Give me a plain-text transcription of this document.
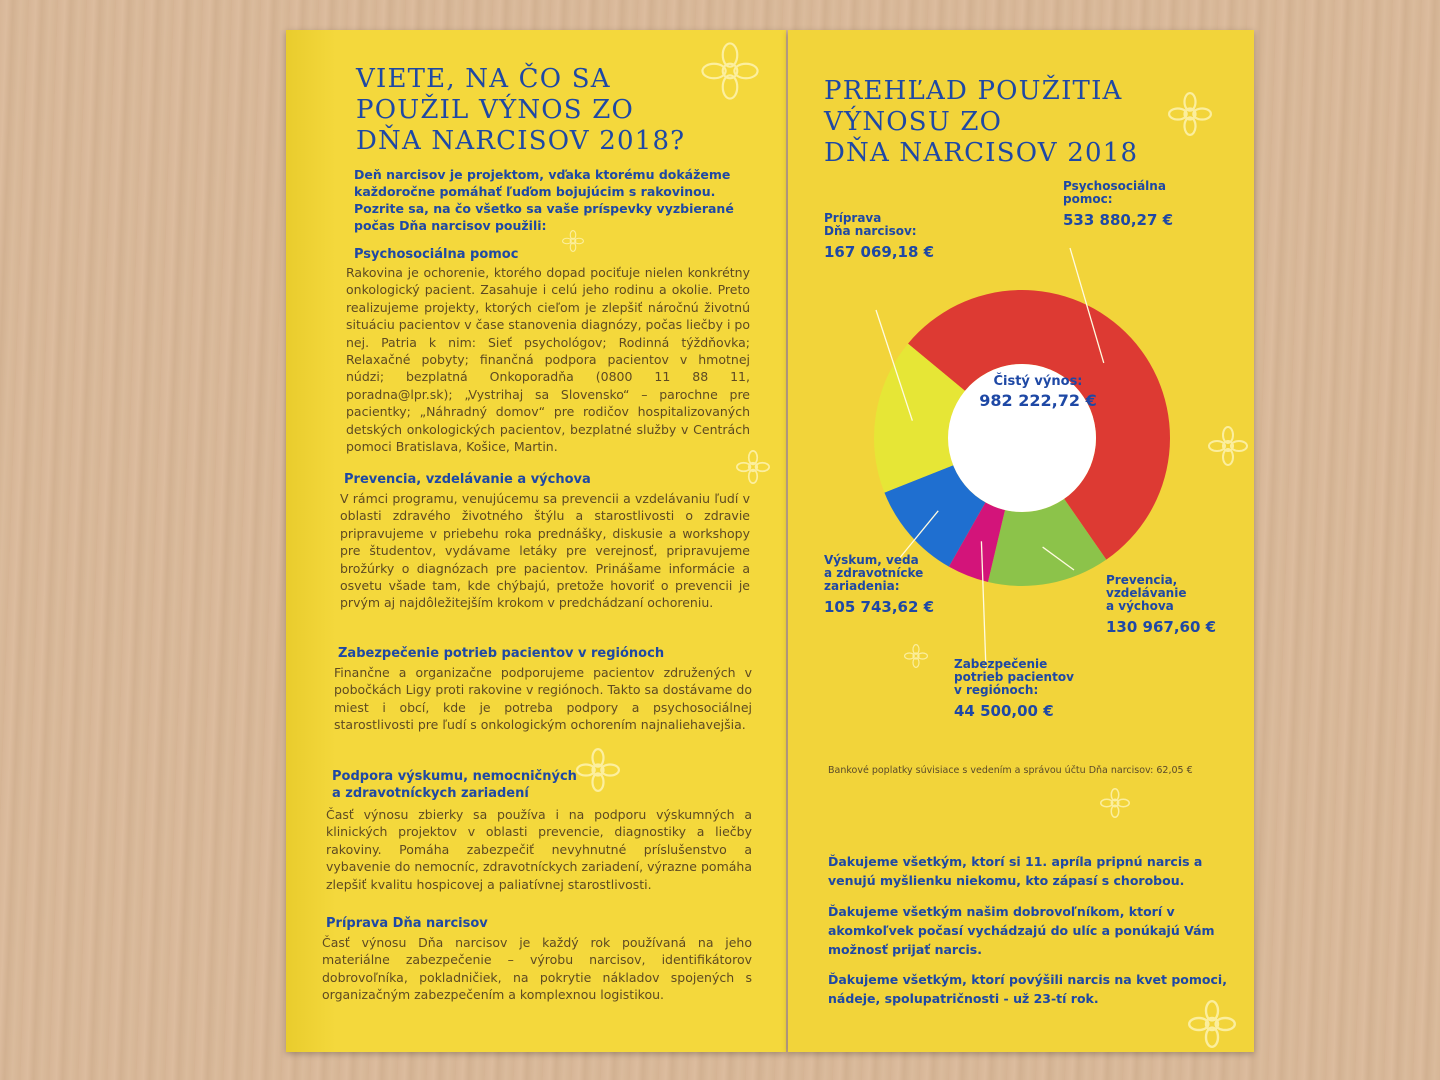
VIETE, NA ČO SA
POUŽIL VÝNOS ZO
DŇA NARCISOV 2018?

Deň narcisov je projektom, vďaka ktorému dokážeme každoročne pomáhať ľuďom bojujúcim s rakovinou. Pozrite sa, na čo všetko sa vaše príspevky vyzbierané počas Dňa narcisov použili:

Psychosociálna pomoc

Rakovina je ochorenie, ktorého dopad pociťuje nielen konkrétny onkologický pacient. Zasahuje i celú jeho rodinu a okolie. Preto realizujeme projekty, ktorých cieľom je zlepšiť náročnú životnú situáciu pacientov v čase stanovenia diagnózy, počas liečby i po nej. Patria k nim: Sieť psychológov; Rodinná týždňovka; Relaxačné pobyty; finančná podpora pacientov v hmotnej núdzi; bezplatná Onkoporadňa (0800 11 88 11, poradna@lpr.sk); „Vystrihaj sa Slovensko“ – parochne pre pacientky; „Náhradný domov“ pre rodičov hospitalizovaných detských onkologických pacientov, bezplatné služby v Centrách pomoci Bratislava, Košice, Martin.

Prevencia, vzdelávanie a výchova

V rámci programu, venujúcemu sa prevencii a vzdelávaniu ľudí v oblasti zdravého životného štýlu a starostlivosti o zdravie pripravujeme v priebehu roka prednášky, diskusie a workshopy pre študentov, vydávame letáky pre verejnosť, pripravujeme brožúrky o diagnózach pre pacientov. Prinášame informácie a osvetu všade tam, kde chýbajú, pretože hovoriť o prevencii je prvým aj najdôležitejším krokom v predchádzaní ochoreniu.

Zabezpečenie potrieb pacientov v regiónoch

Finančne a organizačne podporujeme pacientov združených v pobočkách Ligy proti rakovine v regiónoch. Takto sa dostávame do miest i obcí, kde je potreba podpory a psychosociálnej starostlivosti pre ľudí s onkologickým ochorením najnaliehavejšia.

Podpora výskumu, nemocničných
a zdravotníckych zariadení

Časť výnosu zbierky sa používa i na podporu výskumných a klinických projektov v oblasti prevencie, diagnostiky a liečby rakoviny. Pomáha zabezpečiť nevyhnutné príslušenstvo a vybavenie do nemocníc, zdravotníckych zariadení, výrazne pomáha zlepšiť kvalitu hospicovej a paliatívnej starostlivosti.

Príprava Dňa narcisov

Časť výnosu Dňa narcisov je každý rok používaná na jeho materiálne zabezpečenie – výrobu narcisov, identifikátorov dobrovoľníka, pokladničiek, na pokrytie nákladov spojených s organizačným zabezpečením a komplexnou logistikou.

PREHĽAD POUŽITIA
VÝNOSU ZO
DŇA NARCISOV 2018
Psychosociálna
pomoc:
533 880,27 €
Príprava
Dňa narcisov:
167 069,18 €
Výskum, veda
a zdravotnícke
zariadenia:
105 743,62 €
Zabezpečenie
potrieb pacientov
v regiónoch:
44 500,00 €
Prevencia,
vzdelávanie
a výchova
130 967,60 €
Čistý výnos:
982 222,72 €

Bankové poplatky súvisiace s vedením a správou účtu Dňa narcisov: 62,05 €

Ďakujeme všetkým, ktorí si 11. apríla pripnú narcis a venujú myšlienku niekomu, kto zápasí s chorobou.

Ďakujeme všetkým našim dobrovoľníkom, ktorí v akomkoľvek počasí vychádzajú do ulíc a ponúkajú Vám možnosť prijať narcis.

Ďakujeme všetkým, ktorí povýšili narcis na kvet pomoci, nádeje, spolupatričnosti - už 23-tí rok.
